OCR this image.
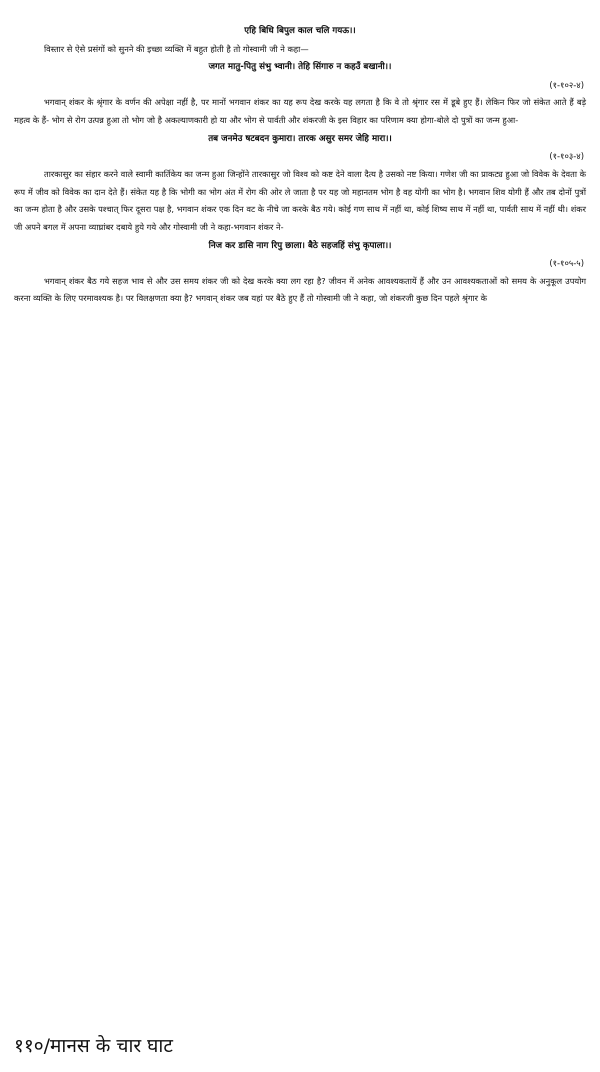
एहि बिधि बिपुल काल चलि गयऊ।।

विस्तार से ऐसे प्रसंगों को सुनने की इच्छा व्यक्ति में बहुत होती है तो गोस्वामी जी ने कहा—

जगत मातु-पितु संभु भ्वानी। तेहि सिंगारु न कहउँ बखानी।।

(१-१०२-४)

भगवान् शंकर के श्रृंगार के वर्णन की अपेक्षा नहीं है, पर मानों भगवान शंकर का यह रूप देख करके यह लगता है कि वे तो श्रृंगार रस में डूबे हुए हैं। लेकिन फिर जो संकेत आते हैं बड़े महत्व के हैं- भोग से रोग उत्पन्न हुआ तो भोग जो है अकल्याणकारी हो या और भोग से पार्वती और शंकरजी के इस विहार का परिणाम क्या होगा-बोले दो पुत्रों का जन्म हुआ-

तब जनमेउ षटबदन कुमारा। तारक असुर समर जेहि मारा।।

(१-१०३-४)

तारकासुर का संहार करने वाले स्वामी कार्तिकेय का जन्म हुआ जिन्होंने तारकासुर जो विश्व को कष्ट देने वाला दैत्य है उसको नष्ट किया। गणेश जी का प्राकट्य हुआ जो विवेक के देवता के रूप में जीव को विवेक का दान देते हैं। संकेत यह है कि भोगी का भोग अंत में रोग की ओर ले जाता है पर यह जो महानतम भोग है वह योगी का भोग है। भगवान शिव योगी हैं और तब दोनों पुत्रों का जन्म होता है और उसके पश्चात् फिर दूसरा पक्ष है, भगवान शंकर एक दिन वट के नीचे जा करके बैठ गये। कोई गण साथ में नहीं था, कोई शिष्य साथ में नहीं था, पार्वती साथ में नहीं थी। शंकर जी अपने बगल में अपना व्याघ्रांबर दबाये हुये गये और गोस्वामी जी ने कहा-भगवान शंकर ने-

निज कर डासि नाग रिपु छाला। बैठे सहजहिं संभु कृपाला।।

(१-१०५-५)

भगवान् शंकर बैठ गये सहज भाव से और उस समय शंकर जी को देख करके क्या लग रहा है? जीवन में अनेक आवश्यकतायें हैं और उन आवश्यकताओं को समय के अनुकूल उपयोग करना व्यक्ति के लिए परमावश्यक है। पर विलक्षणता क्या है? भगवान् शंकर जब यहां पर बैठे हुए हैं तो गोस्वामी जी ने कहा, जो शंकरजी कुछ दिन पहले श्रृंगार के

११०/मानस के चार घाट
